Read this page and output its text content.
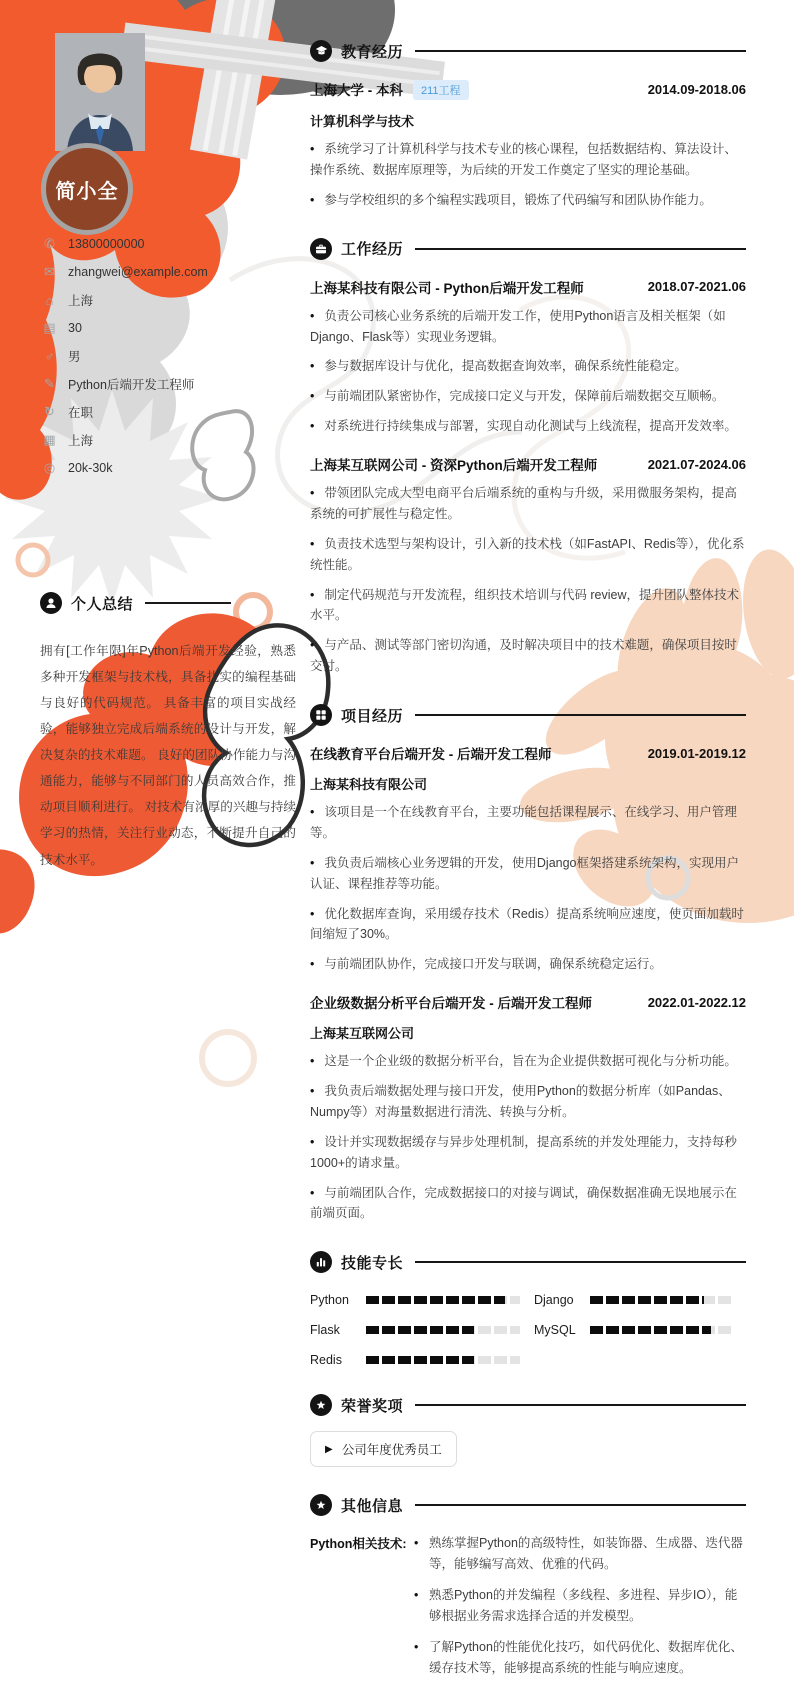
简小全
✆ 13800000000
✉ zhangwei@example.com
⌂ 上海
▤ 30
♂ 男
✎ Python后端开发工程师
↻ 在职
▦ 上海
◎ 20k-30k
个人总结
拥有[工作年限]年Python后端开发经验，熟悉多种开发框架与技术栈，具备扎实的编程基础与良好的代码规范。 具备丰富的项目实战经验，能够独立完成后端系统的设计与开发，解决复杂的技术难题。 良好的团队协作能力与沟通能力，能够与不同部门的人员高效合作，推动项目顺利进行。 对技术有浓厚的兴趣与持续学习的热情，关注行业动态，不断提升自己的技术水平。
教育经历
上海大学 - 本科 211工程	2014.09-2018.06
计算机科学与技术
• 系统学习了计算机科学与技术专业的核心课程，包括数据结构、算法设计、操作系统、数据库原理等，为后续的开发工作奠定了坚实的理论基础。
• 参与学校组织的多个编程实践项目，锻炼了代码编写和团队协作能力。
工作经历
上海某科技有限公司 - Python后端开发工程师	2018.07-2021.06
• 负责公司核心业务系统的后端开发工作，使用Python语言及相关框架（如Django、Flask等）实现业务逻辑。
• 参与数据库设计与优化，提高数据查询效率，确保系统性能稳定。
• 与前端团队紧密协作，完成接口定义与开发，保障前后端数据交互顺畅。
• 对系统进行持续集成与部署，实现自动化测试与上线流程，提高开发效率。
上海某互联网公司 - 资深Python后端开发工程师	2021.07-2024.06
• 带领团队完成大型电商平台后端系统的重构与升级，采用微服务架构，提高系统的可扩展性与稳定性。
• 负责技术选型与架构设计，引入新的技术栈（如FastAPI、Redis等），优化系统性能。
• 制定代码规范与开发流程，组织技术培训与代码 review，提升团队整体技术水平。
• 与产品、测试等部门密切沟通，及时解决项目中的技术难题，确保项目按时交付。
项目经历
在线教育平台后端开发 - 后端开发工程师	2019.01-2019.12
上海某科技有限公司
• 该项目是一个在线教育平台，主要功能包括课程展示、在线学习、用户管理等。
• 我负责后端核心业务逻辑的开发，使用Django框架搭建系统架构，实现用户认证、课程推荐等功能。
• 优化数据库查询，采用缓存技术（Redis）提高系统响应速度，使页面加载时间缩短了30%。
• 与前端团队协作，完成接口开发与联调，确保系统稳定运行。
企业级数据分析平台后端开发 - 后端开发工程师	2022.01-2022.12
上海某互联网公司
• 这是一个企业级的数据分析平台，旨在为企业提供数据可视化与分析功能。
• 我负责后端数据处理与接口开发，使用Python的数据分析库（如Pandas、Numpy等）对海量数据进行清洗、转换与分析。
• 设计并实现数据缓存与异步处理机制，提高系统的并发处理能力，支持每秒1000+的请求量。
• 与前端团队合作，完成数据接口的对接与调试，确保数据准确无误地展示在前端页面。
技能专长
Python	Django
Flask	MySQL
Redis
荣誉奖项
▶ 公司年度优秀员工
其他信息
Python相关技术:	• 熟练掌握Python的高级特性，如装饰器、生成器、迭代器等，能够编写高效、优雅的代码。
• 熟悉Python的并发编程（多线程、多进程、异步IO），能够根据业务需求选择合适的并发模型。
• 了解Python的性能优化技巧，如代码优化、数据库优化、缓存技术等，能够提高系统的性能与响应速度。
